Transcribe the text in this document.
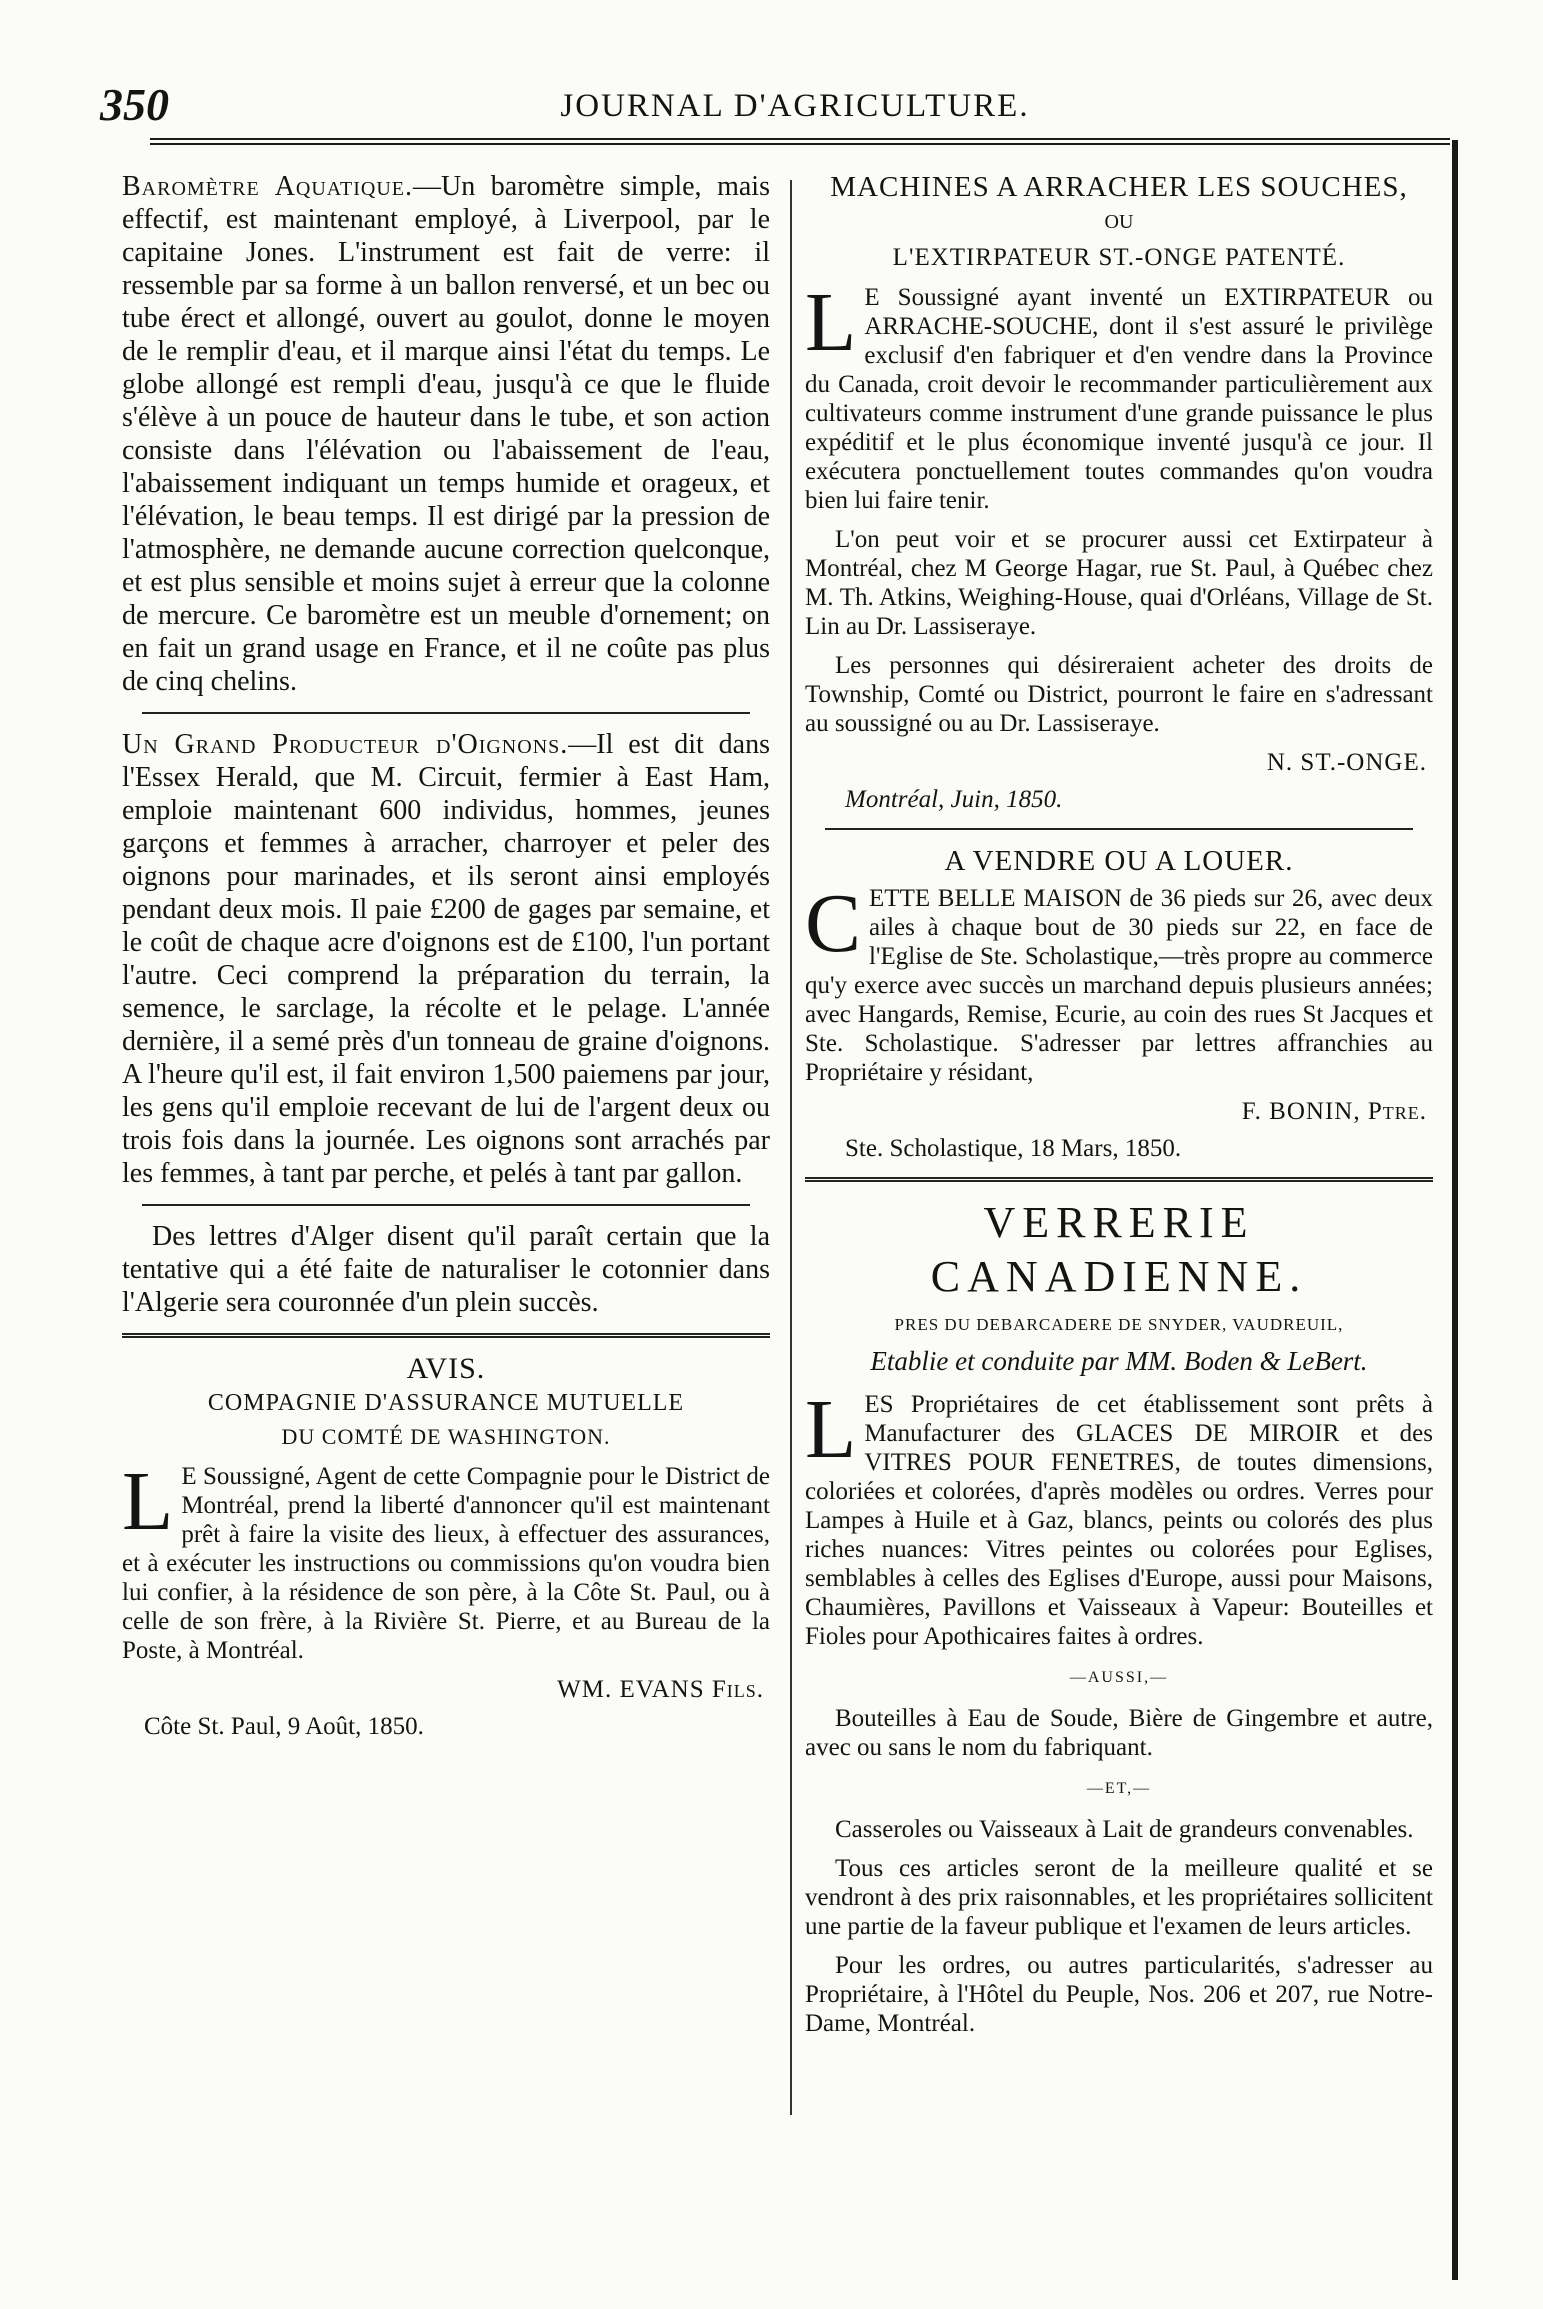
350	JOURNAL D'AGRICULTURE.

Baromètre Aquatique.—Un baromètre simple, mais effectif, est maintenant employé, à Liverpool, par le capitaine Jones. L'instrument est fait de verre: il ressemble par sa forme à un ballon renversé, et un bec ou tube érect et allongé, ouvert au goulot, donne le moyen de le remplir d'eau, et il marque ainsi l'état du temps. Le globe allongé est rempli d'eau, jusqu'à ce que le fluide s'élève à un pouce de hauteur dans le tube, et son action consiste dans l'élévation ou l'abaissement de l'eau, l'abaissement indiquant un temps humide et orageux, et l'élévation, le beau temps. Il est dirigé par la pression de l'atmosphère, ne demande aucune correction quelconque, et est plus sensible et moins sujet à erreur que la colonne de mercure. Ce baromètre est un meuble d'ornement; on en fait un grand usage en France, et il ne coûte pas plus de cinq chelins.

Un Grand Producteur d'Oignons.—Il est dit dans l'Essex Herald, que M. Circuit, fermier à East Ham, emploie maintenant 600 individus, hommes, jeunes garçons et femmes à arracher, charroyer et peler des oignons pour marinades, et ils seront ainsi employés pendant deux mois. Il paie £200 de gages par semaine, et le coût de chaque acre d'oignons est de £100, l'un portant l'autre. Ceci comprend la préparation du terrain, la semence, le sarclage, la récolte et le pelage. L'année dernière, il a semé près d'un tonneau de graine d'oignons. A l'heure qu'il est, il fait environ 1,500 paiemens par jour, les gens qu'il emploie recevant de lui de l'argent deux ou trois fois dans la journée. Les oignons sont arrachés par les femmes, à tant par perche, et pelés à tant par gallon.

Des lettres d'Alger disent qu'il paraît certain que la tentative qui a été faite de naturaliser le cotonnier dans l'Algerie sera couronnée d'un plein succès.

AVIS.

COMPAGNIE D'ASSURANCE MUTUELLE

DU COMTÉ DE WASHINGTON.

L E Soussigné, Agent de cette Compagnie pour le District de Montréal, prend la liberté d'annoncer qu'il est maintenant prêt à faire la visite des lieux, à effectuer des assurances, et à exécuter les instructions ou commissions qu'on voudra bien lui confier, à la résidence de son père, à la Côte St. Paul, ou à celle de son frère, à la Rivière St. Pierre, et au Bureau de la Poste, à Montréal.

WM. EVANS Fils.

Côte St. Paul, 9 Août, 1850.

MACHINES A ARRACHER LES SOUCHES,

OU

L'EXTIRPATEUR ST.-ONGE PATENTÉ.

L E Soussigné ayant inventé un EXTIRPATEUR ou ARRACHE-SOUCHE, dont il s'est assuré le privilège exclusif d'en fabriquer et d'en vendre dans la Province du Canada, croit devoir le recommander particulièrement aux cultivateurs comme instrument d'une grande puissance le plus expéditif et le plus économique inventé jusqu'à ce jour. Il exécutera ponctuellement toutes commandes qu'on voudra bien lui faire tenir.

L'on peut voir et se procurer aussi cet Extirpateur à Montréal, chez M George Hagar, rue St. Paul, à Québec chez M. Th. Atkins, Weighing-House, quai d'Orléans, Village de St. Lin au Dr. Lassiseraye.

Les personnes qui désireraient acheter des droits de Township, Comté ou District, pourront le faire en s'adressant au soussigné ou au Dr. Lassiseraye.

N. ST.-ONGE.

Montréal, Juin, 1850.

A VENDRE OU A LOUER.

CETTE BELLE MAISON de 36 pieds sur 26, avec deux ailes à chaque bout de 30 pieds sur 22, en face de l'Eglise de Ste. Scholastique,—très propre au commerce qu'y exerce avec succès un marchand depuis plusieurs années; avec Hangards, Remise, Ecurie, au coin des rues St Jacques et Ste. Scholastique. S'adresser par lettres affranchies au Propriétaire y résidant,

F. BONIN, Ptre.

Ste. Scholastique, 18 Mars, 1850.

VERRERIE CANADIENNE.

PRES DU DEBARCADERE DE SNYDER, VAUDREUIL,

Etablie et conduite par MM. Boden & LeBert.

LES Propriétaires de cet établissement sont prêts à Manufacturer des GLACES DE MIROIR et des VITRES POUR FENETRES, de toutes dimensions, coloriées et colorées, d'après modèles ou ordres. Verres pour Lampes à Huile et à Gaz, blancs, peints ou colorés des plus riches nuances: Vitres peintes ou colorées pour Eglises, semblables à celles des Eglises d'Europe, aussi pour Maisons, Chaumières, Pavillons et Vaisseaux à Vapeur: Bouteilles et Fioles pour Apothicaires faites à ordres.

—AUSSI,—

Bouteilles à Eau de Soude, Bière de Gingembre et autre, avec ou sans le nom du fabriquant.

—ET,—

Casseroles ou Vaisseaux à Lait de grandeurs convenables.

Tous ces articles seront de la meilleure qualité et se vendront à des prix raisonnables, et les propriétaires sollicitent une partie de la faveur publique et l'examen de leurs articles.

Pour les ordres, ou autres particularités, s'adresser au Propriétaire, à l'Hôtel du Peuple, Nos. 206 et 207, rue Notre-Dame, Montréal.
